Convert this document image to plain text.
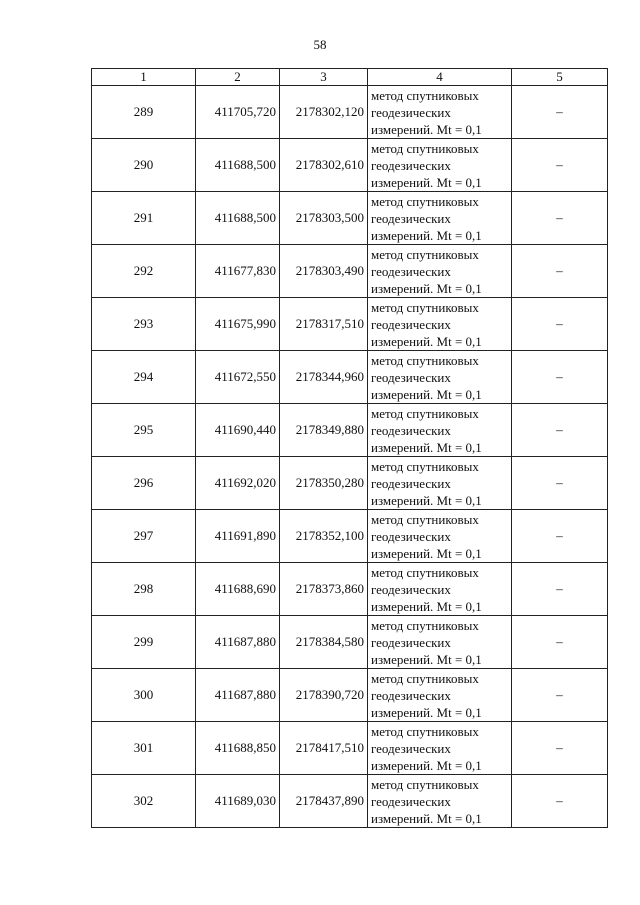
58
1	2	3	4	5
289	411705,720	2178302,120	метод спутниковых
геодезических
измерений. Mt = 0,1	–
290	411688,500	2178302,610	метод спутниковых
геодезических
измерений. Mt = 0,1	–
291	411688,500	2178303,500	метод спутниковых
геодезических
измерений. Mt = 0,1	–
292	411677,830	2178303,490	метод спутниковых
геодезических
измерений. Mt = 0,1	–
293	411675,990	2178317,510	метод спутниковых
геодезических
измерений. Mt = 0,1	–
294	411672,550	2178344,960	метод спутниковых
геодезических
измерений. Mt = 0,1	–
295	411690,440	2178349,880	метод спутниковых
геодезических
измерений. Mt = 0,1	–
296	411692,020	2178350,280	метод спутниковых
геодезических
измерений. Mt = 0,1	–
297	411691,890	2178352,100	метод спутниковых
геодезических
измерений. Mt = 0,1	–
298	411688,690	2178373,860	метод спутниковых
геодезических
измерений. Mt = 0,1	–
299	411687,880	2178384,580	метод спутниковых
геодезических
измерений. Mt = 0,1	–
300	411687,880	2178390,720	метод спутниковых
геодезических
измерений. Mt = 0,1	–
301	411688,850	2178417,510	метод спутниковых
геодезических
измерений. Mt = 0,1	–
302	411689,030	2178437,890	метод спутниковых
геодезических
измерений. Mt = 0,1	–
